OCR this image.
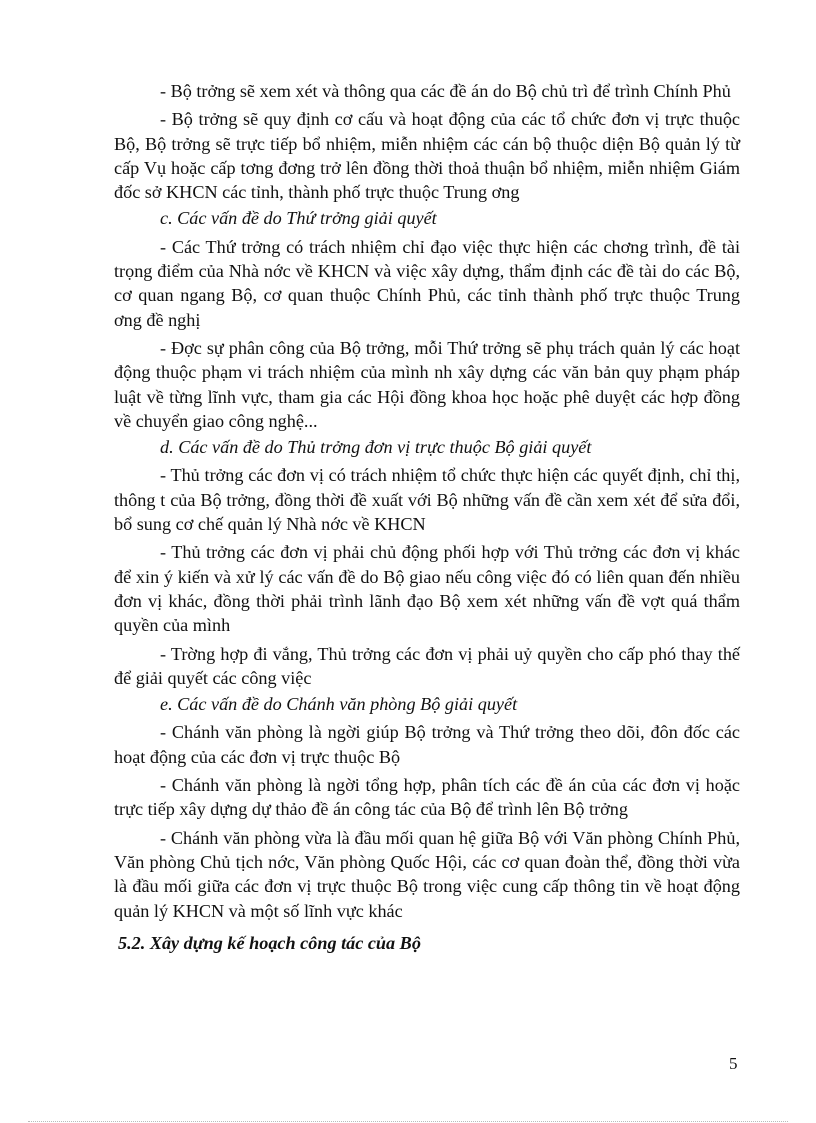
- Bộ trởng sẽ xem xét và thông qua các đề án do Bộ chủ trì để trình Chính Phủ

- Bộ trởng sẽ quy định cơ cấu và hoạt động của các tổ chức đơn vị trực thuộc Bộ, Bộ trởng sẽ trực tiếp bổ nhiệm, miễn nhiệm các cán bộ thuộc diện Bộ quản lý từ cấp Vụ hoặc cấp tơng đơng trở lên đồng thời thoả thuận bổ nhiệm, miễn nhiệm Giám đốc sở KHCN các tỉnh, thành phố trực thuộc Trung ơng

c. Các vấn đề do Thứ trởng giải quyết

- Các Thứ trởng có trách nhiệm chỉ đạo việc thực hiện các chơng trình, đề tài trọng điểm của Nhà nớc về KHCN và việc xây dựng, thẩm định các đề tài do các Bộ, cơ quan ngang Bộ, cơ quan thuộc Chính Phủ, các tỉnh thành phố trực thuộc Trung ơng đề nghị

- Đợc sự phân công của Bộ trởng, mỗi Thứ trởng sẽ phụ trách quản lý các hoạt động thuộc phạm vi trách nhiệm của mình nh xây dựng các văn bản quy phạm pháp luật về từng lĩnh vực, tham gia các Hội đồng khoa học hoặc phê duyệt các hợp đồng về chuyển giao công nghệ...

d. Các vấn đề do Thủ trởng đơn vị trực thuộc Bộ giải quyết

- Thủ trởng các đơn vị có trách nhiệm tổ chức thực hiện các quyết định, chỉ thị, thông t của Bộ trởng, đồng thời đề xuất với Bộ những vấn đề cần xem xét để sửa đổi, bổ sung cơ chế quản lý Nhà nớc về KHCN

- Thủ trởng các đơn vị phải chủ động phối hợp với Thủ trởng các đơn vị khác để xin ý kiến và xử lý các vấn đề do Bộ giao nếu công việc đó có liên quan đến nhiều đơn vị khác, đồng thời phải trình lãnh đạo Bộ xem xét những vấn đề vợt quá thẩm quyền của mình

- Trờng hợp đi vắng, Thủ trởng các đơn vị phải uỷ quyền cho cấp phó thay thế để giải quyết các công việc

e. Các vấn đề do Chánh văn phòng Bộ giải quyết

- Chánh văn phòng là ngời giúp Bộ trởng và Thứ trởng theo dõi, đôn đốc các hoạt động của các đơn vị trực thuộc Bộ

- Chánh văn phòng là ngời tổng hợp, phân tích các đề án của các đơn vị hoặc trực tiếp xây dựng dự thảo đề án công tác của Bộ để trình lên Bộ trởng

- Chánh văn phòng vừa là đầu mối quan hệ giữa Bộ với Văn phòng Chính Phủ, Văn phòng Chủ tịch nớc, Văn phòng Quốc Hội, các cơ quan đoàn thể, đồng thời vừa là đầu mối giữa các đơn vị trực thuộc Bộ trong việc cung cấp thông tin về hoạt động quản lý KHCN và một số lĩnh vực khác

5.2. Xây dựng kế hoạch công tác của Bộ

5
